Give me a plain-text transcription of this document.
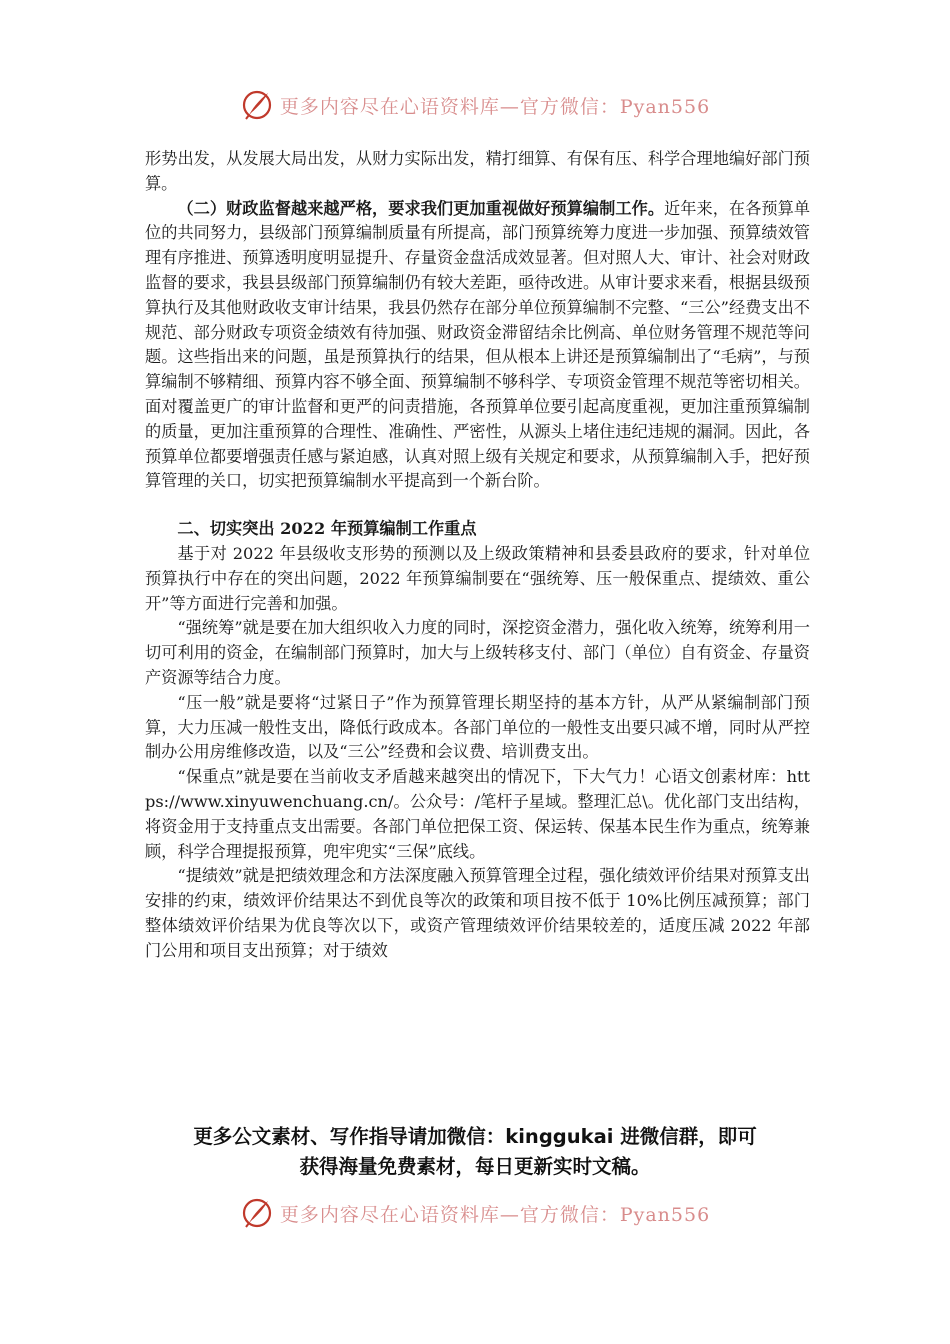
更多内容尽在心语资料库—官方微信：Pyan556

形势出发，从发展大局出发，从财力实际出发，精打细算、有保有压、科学合理地编好部门预算。

（二）财政监督越来越严格，要求我们更加重视做好预算编制工作。近年来，在各预算单位的共同努力，县级部门预算编制质量有所提高，部门预算统筹力度进一步加强、预算绩效管理有序推进、预算透明度明显提升、存量资金盘活成效显著。但对照人大、审计、社会对财政监督的要求，我县县级部门预算编制仍有较大差距，亟待改进。从审计要求来看，根据县级预算执行及其他财政收支审计结果，我县仍然存在部分单位预算编制不完整、“三公”经费支出不规范、部分财政专项资金绩效有待加强、财政资金滞留结余比例高、单位财务管理不规范等问题。这些指出来的问题，虽是预算执行的结果，但从根本上讲还是预算编制出了“毛病”，与预算编制不够精细、预算内容不够全面、预算编制不够科学、专项资金管理不规范等密切相关。面对覆盖更广的审计监督和更严的问责措施，各预算单位要引起高度重视，更加注重预算编制的质量，更加注重预算的合理性、准确性、严密性，从源头上堵住违纪违规的漏洞。因此，各预算单位都要增强责任感与紧迫感，认真对照上级有关规定和要求，从预算编制入手，把好预算管理的关口，切实把预算编制水平提高到一个新台阶。

二、切实突出 2022 年预算编制工作重点

基于对 2022 年县级收支形势的预测以及上级政策精神和县委县政府的要求，针对单位预算执行中存在的突出问题，2022 年预算编制要在“强统筹、压一般保重点、提绩效、重公开”等方面进行完善和加强。

“强统筹”就是要在加大组织收入力度的同时，深挖资金潜力，强化收入统筹，统筹利用一切可利用的资金，在编制部门预算时，加大与上级转移支付、部门（单位）自有资金、存量资产资源等结合力度。

“压一般”就是要将“过紧日子”作为预算管理长期坚持的基本方针，从严从紧编制部门预算，大力压减一般性支出，降低行政成本。各部门单位的一般性支出要只减不增，同时从严控制办公用房维修改造，以及“三公”经费和会议费、培训费支出。

“保重点”就是要在当前收支矛盾越来越突出的情况下，下大气力！心语文创素材库：https://www.xinyuwenchuang.cn/。公众号：/笔杆子星域。整理汇总\。优化部门支出结构，将资金用于支持重点支出需要。各部门单位把保工资、保运转、保基本民生作为重点，统筹兼顾，科学合理提报预算，兜牢兜实“三保”底线。

“提绩效”就是把绩效理念和方法深度融入预算管理全过程，强化绩效评价结果对预算支出安排的约束，绩效评价结果达不到优良等次的政策和项目按不低于 10%比例压减预算；部门整体绩效评价结果为优良等次以下，或资产管理绩效评价结果较差的，适度压减 2022 年部门公用和项目支出预算；对于绩效

更多公文素材、写作指导请加微信：kinggukai 进微信群，即可
获得海量免费素材，每日更新实时文稿。
更多内容尽在心语资料库—官方微信：Pyan556
